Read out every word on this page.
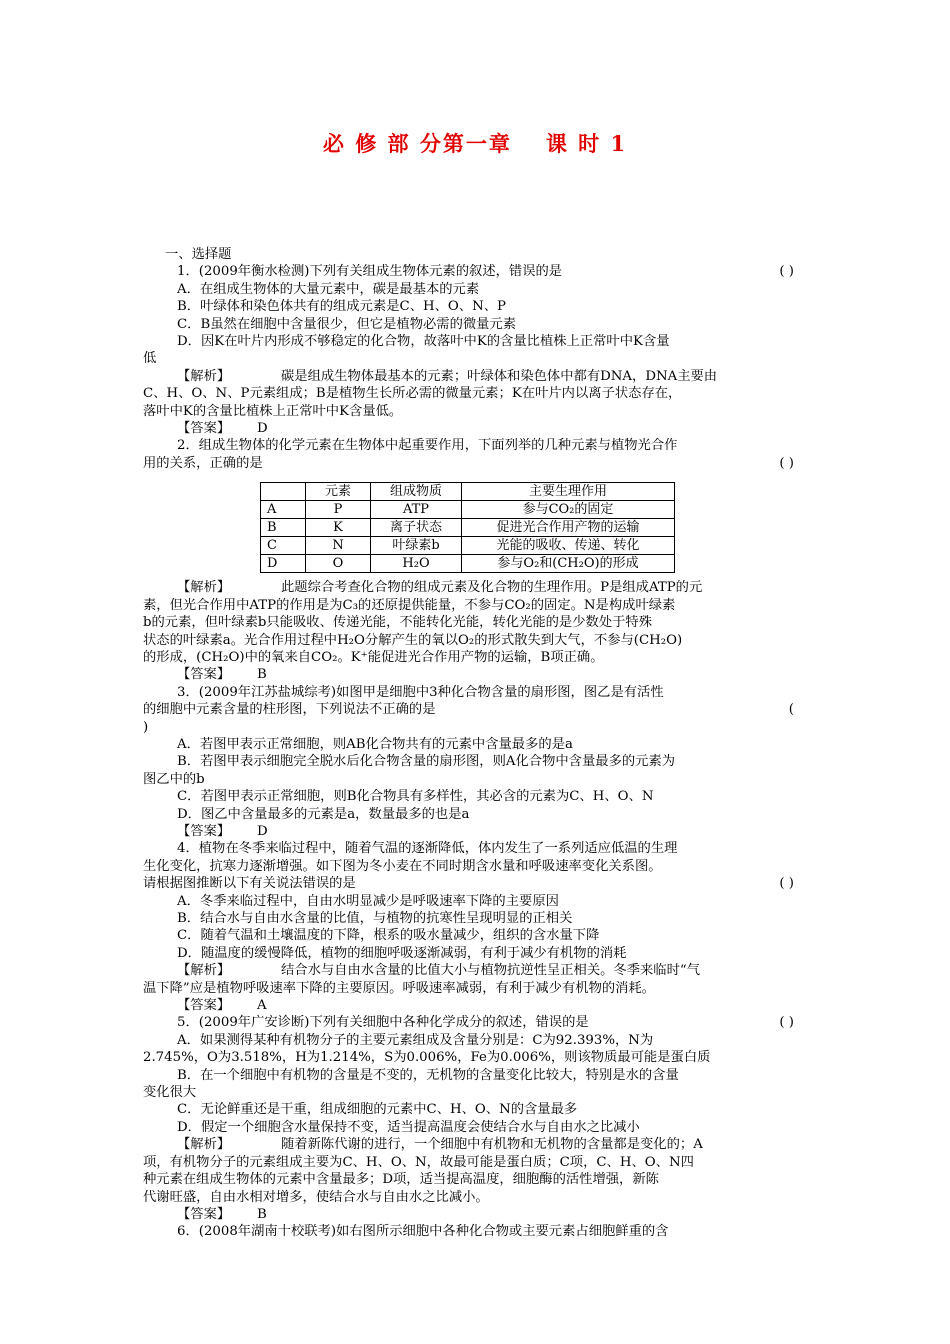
必 修 部 分第一章 课 时 1
一、选择题
1．(2009年衡水检测)下列有关组成生物体元素的叙述，错误的是	( )
A．在组成生物体的大量元素中，碳是最基本的元素
B．叶绿体和染色体共有的组成元素是C、H、O、N、P
C．B虽然在细胞中含量很少，但它是植物必需的微量元素
D．因K在叶片内形成不够稳定的化合物，故落叶中K的含量比植株上正常叶中K含量
低
【解析】	碳是组成生物体最基本的元素；叶绿体和染色体中都有DNA，DNA主要由
C、H、O、N、P元素组成；B是植物生长所必需的微量元素；K在叶片内以离子状态存在，
落叶中K的含量比植株上正常叶中K含量低。
【答案】 D
2．组成生物体的化学元素在生物体中起重要作用，下面列举的几种元素与植物光合作
用的关系，正确的是	( )
	元素	组成物质	主要生理作用
A	P	ATP	参与CO₂的固定
B	K	离子状态	促进光合作用产物的运输
C	N	叶绿素b	光能的吸收、传递、转化
D	O	H₂O	参与O₂和(CH₂O)的形成
【解析】	此题综合考查化合物的组成元素及化合物的生理作用。P是组成ATP的元
素，但光合作用中ATP的作用是为C₃的还原提供能量，不参与CO₂的固定。N是构成叶绿素
b的元素，但叶绿素b只能吸收、传递光能，不能转化光能，转化光能的是少数处于特殊
状态的叶绿素a。光合作用过程中H₂O分解产生的氧以O₂的形式散失到大气，不参与(CH₂O)
的形成，(CH₂O)中的氧来自CO₂。K⁺能促进光合作用产物的运输，B项正确。
【答案】 B
3．(2009年江苏盐城综考)如图甲是细胞中3种化合物含量的扇形图，图乙是有活性
的细胞中元素含量的柱形图，下列说法不正确的是	(
)
A．若图甲表示正常细胞，则AB化合物共有的元素中含量最多的是a
B．若图甲表示细胞完全脱水后化合物含量的扇形图，则A化合物中含量最多的元素为
图乙中的b
C．若图甲表示正常细胞，则B化合物具有多样性，其必含的元素为C、H、O、N
D．图乙中含量最多的元素是a，数量最多的也是a
【答案】 D
4．植物在冬季来临过程中，随着气温的逐渐降低，体内发生了一系列适应低温的生理
生化变化，抗寒力逐渐增强。如下图为冬小麦在不同时期含水量和呼吸速率变化关系图。
请根据图推断以下有关说法错误的是	( )
A．冬季来临过程中，自由水明显减少是呼吸速率下降的主要原因
B．结合水与自由水含量的比值，与植物的抗寒性呈现明显的正相关
C．随着气温和土壤温度的下降，根系的吸水量减少，组织的含水量下降
D．随温度的缓慢降低，植物的细胞呼吸逐渐减弱，有利于减少有机物的消耗
【解析】	结合水与自由水含量的比值大小与植物抗逆性呈正相关。冬季来临时“气
温下降”应是植物呼吸速率下降的主要原因。呼吸速率减弱，有利于减少有机物的消耗。
【答案】 A
5．(2009年广安诊断)下列有关细胞中各种化学成分的叙述，错误的是	( )
A．如果测得某种有机物分子的主要元素组成及含量分别是：C为92.393%，N为
2.745%，O为3.518%，H为1.214%，S为0.006%，Fe为0.006%，则该物质最可能是蛋白质
B．在一个细胞中有机物的含量是不变的，无机物的含量变化比较大，特别是水的含量
变化很大
C．无论鲜重还是干重，组成细胞的元素中C、H、O、N的含量最多
D．假定一个细胞含水量保持不变，适当提高温度会使结合水与自由水之比减小
【解析】	随着新陈代谢的进行，一个细胞中有机物和无机物的含量都是变化的；A
项，有机物分子的元素组成主要为C、H、O、N，故最可能是蛋白质；C项，C、H、O、N四
种元素在组成生物体的元素中含量最多；D项，适当提高温度，细胞酶的活性增强，新陈
代谢旺盛，自由水相对增多，使结合水与自由水之比减小。
【答案】 B
6．(2008年湖南十校联考)如右图所示细胞中各种化合物或主要元素占细胞鲜重的含
